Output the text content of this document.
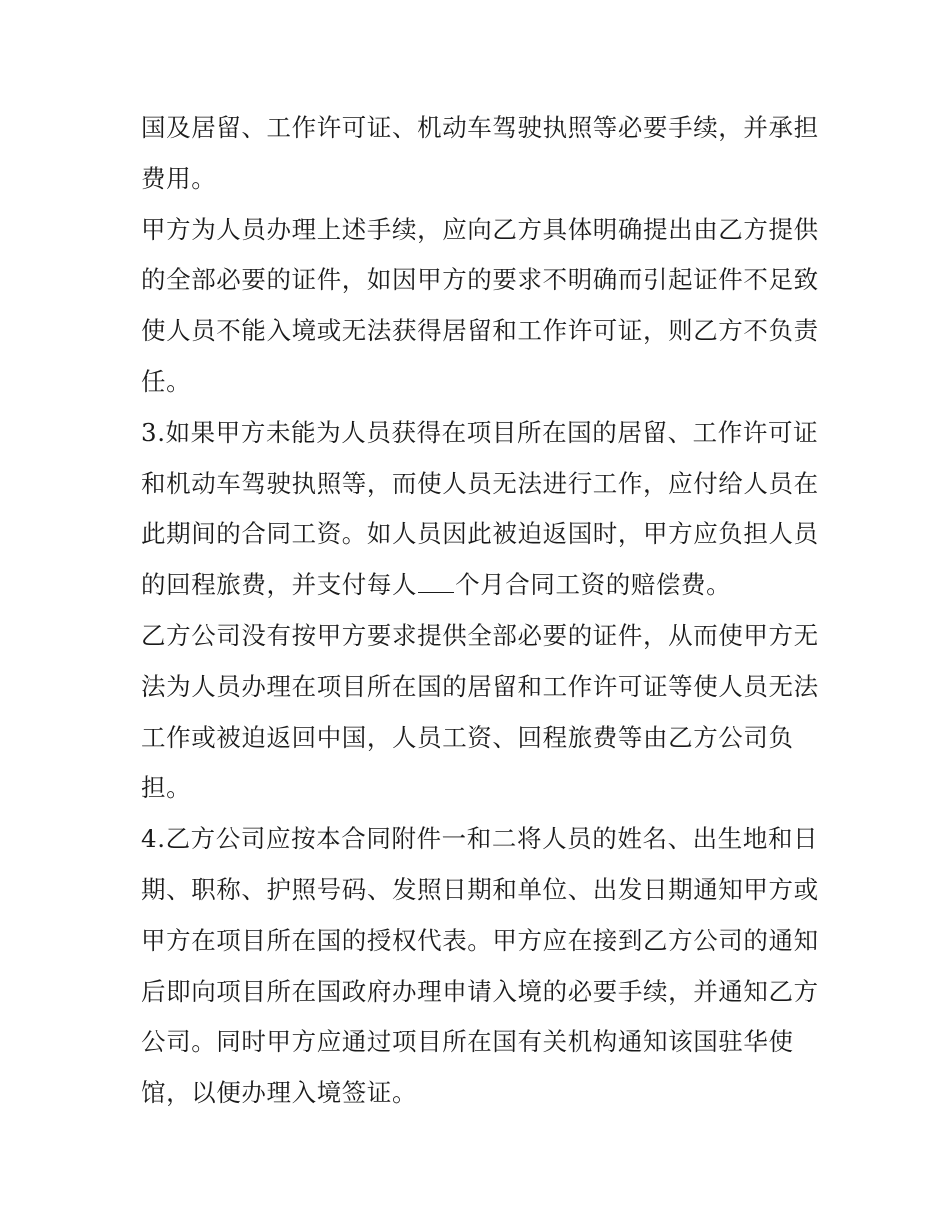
国及居留、工作许可证、机动车驾驶执照等必要手续，并承担
费用。
甲方为人员办理上述手续，应向乙方具体明确提出由乙方提供
的全部必要的证件，如因甲方的要求不明确而引起证件不足致
使人员不能入境或无法获得居留和工作许可证，则乙方不负责
任。
3.如果甲方未能为人员获得在项目所在国的居留、工作许可证
和机动车驾驶执照等，而使人员无法进行工作，应付给人员在
此期间的合同工资。如人员因此被迫返国时，甲方应负担人员
的回程旅费，并支付每人 个月合同工资的赔偿费。
乙方公司没有按甲方要求提供全部必要的证件，从而使甲方无
法为人员办理在项目所在国的居留和工作许可证等使人员无法
工作或被迫返回中国，人员工资、回程旅费等由乙方公司负
担。
4.乙方公司应按本合同附件一和二将人员的姓名、出生地和日
期、职称、护照号码、发照日期和单位、出发日期通知甲方或
甲方在项目所在国的授权代表。甲方应在接到乙方公司的通知
后即向项目所在国政府办理申请入境的必要手续，并通知乙方
公司。同时甲方应通过项目所在国有关机构通知该国驻华使
馆，以便办理入境签证。
